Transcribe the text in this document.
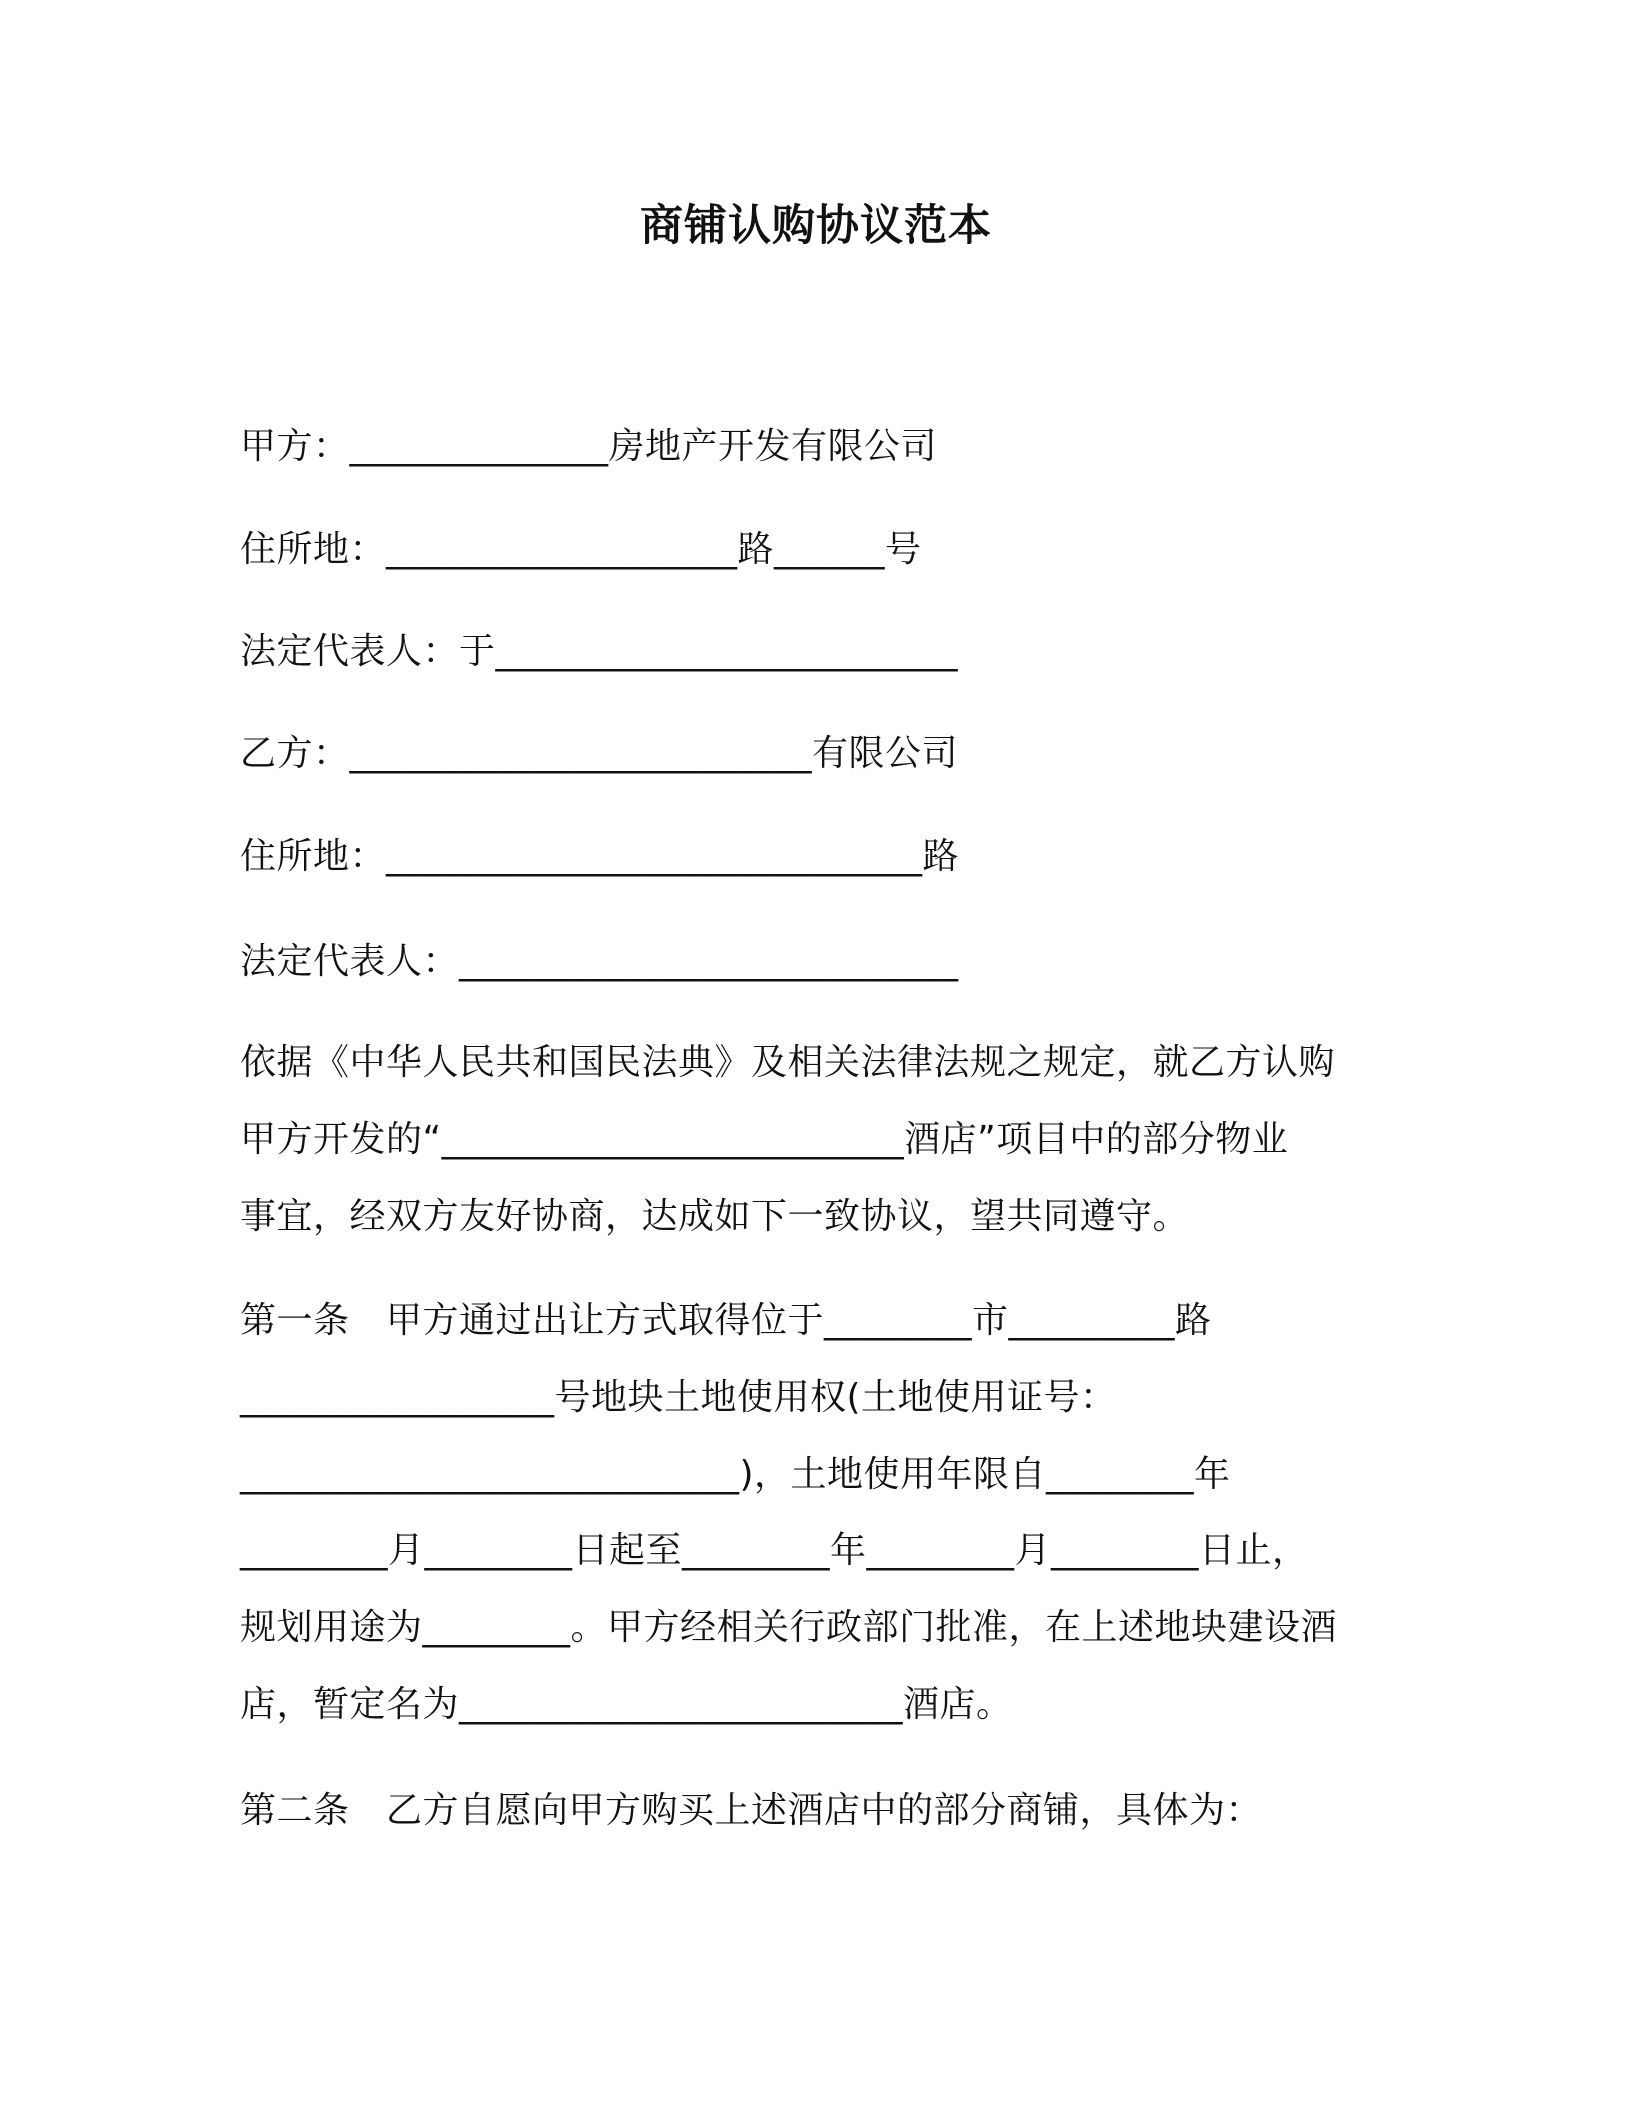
商铺认购协议范本

甲方：______________房地产开发有限公司

住所地：___________________路______号

法定代表人：于_________________________

乙方：_________________________有限公司

住所地：_____________________________路

法定代表人：___________________________

依据《中华人民共和国民法典》及相关法律法规之规定，就乙方认购

甲方开发的“_________________________酒店”项目中的部分物业

事宜，经双方友好协商，达成如下一致协议，望共同遵守。

第一条　甲方通过出让方式取得位于________市_________路

_________________号地块土地使用权(土地使用证号：

___________________________)，土地使用年限自________年

________月________日起至________年________月________日止，

规划用途为________。甲方经相关行政部门批准，在上述地块建设酒

店，暂定名为________________________酒店。

第二条　乙方自愿向甲方购买上述酒店中的部分商铺，具体为：
